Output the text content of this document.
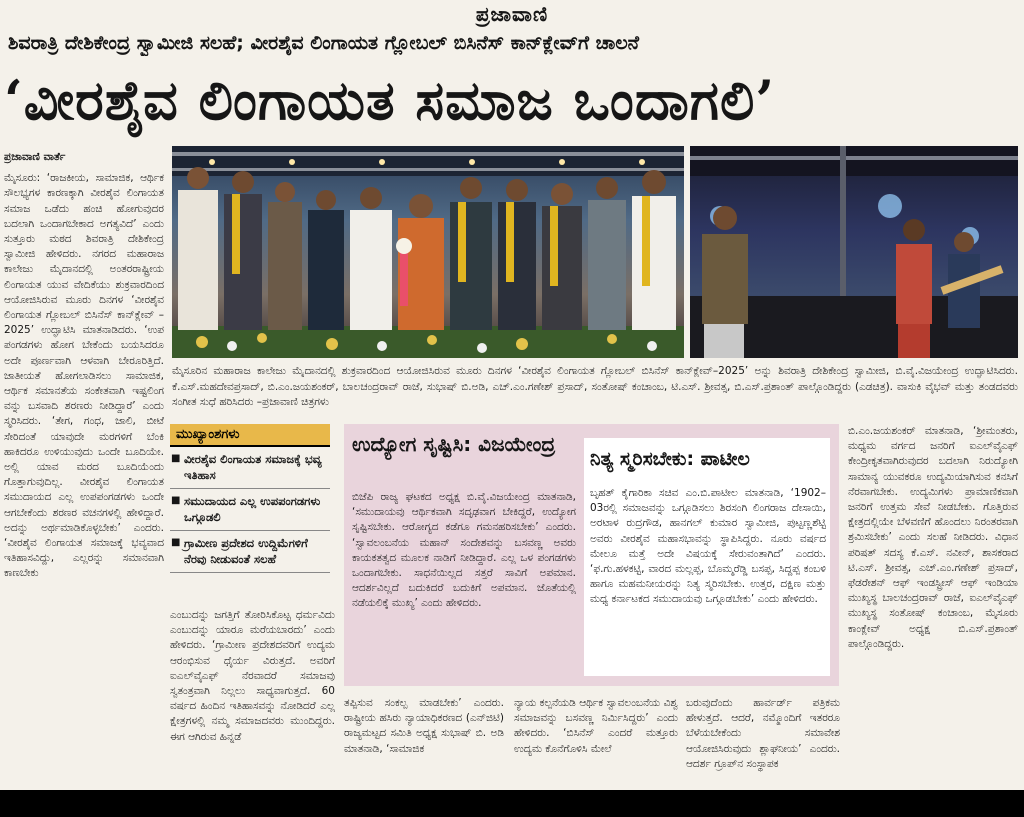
ಪ್ರಜಾವಾಣಿ
ಶಿವರಾತ್ರಿ ದೇಶಿಕೇಂದ್ರ ಸ್ವಾಮೀಜಿ ಸಲಹೆ; ವೀರಶೈವ ಲಿಂಗಾಯತ ಗ್ಲೋಬಲ್ ಬಿಸಿನೆಸ್ ಕಾನ್‌ಕ್ಲೇವ್‌ಗೆ ಚಾಲನೆ
‘ವೀರಶೈವ ಲಿಂಗಾಯತ ಸಮಾಜ ಒಂದಾಗಲಿ’
ಪ್ರಜಾವಾಣಿ ವಾರ್ತೆ
ಮೈಸೂರು: ‘ರಾಜಕೀಯ, ಸಾಮಾಜಿಕ, ಆರ್ಥಿಕ ಸೌಲಭ್ಯಗಳ ಕಾರಣಕ್ಕಾಗಿ ವೀರಶೈವ ಲಿಂಗಾಯತ ಸಮಾಜ ಒಡೆದು ಹಂಚಿ ಹೋಗುವುದರ ಬದಲಾಗಿ ಒಂದಾಗಬೇಕಾದ ಅಗತ್ಯವಿದೆ’ ಎಂದು ಸುತ್ತೂರು ಮಠದ ಶಿವರಾತ್ರಿ ದೇಶಿಕೇಂದ್ರ ಸ್ವಾಮೀಜಿ ಹೇಳಿದರು. ನಗರದ ಮಹಾರಾಜ ಕಾಲೇಜು ಮೈದಾನದಲ್ಲಿ ಅಂತರರಾಷ್ಟ್ರೀಯ ಲಿಂಗಾಯತ ಯುವ ವೇದಿಕೆಯು ಶುಕ್ರವಾರದಿಂದ ಆಯೋಜಿಸಿರುವ ಮೂರು ದಿನಗಳ ‘ವೀರಶೈವ ಲಿಂಗಾಯತ ಗ್ಲೋಬಲ್ ಬಿಸಿನೆಸ್ ಕಾನ್‌ಕ್ಲೇವ್ – 2025’ ಉದ್ಘಾಟಿಸಿ ಮಾತನಾಡಿದರು. ‘ಉಪ ಪಂಗಡಗಳು ಹೋಗ ಬೇಕೆಂದು ಬಯಸಿದರೂ ಅದೇ ಪೂರ್ಣವಾಗಿ ಆಳವಾಗಿ ಬೇರೂರಿತ್ತಿದೆ. ಜಾತೀಯತೆ ಹೋಗಲಾಡಿಸಲು ಸಾಮಾಜಿಕ, ಆರ್ಥಿಕ ಸಮಾನತೆಯ ಸಂಕೇತವಾಗಿ ಇಷ್ಟಲಿಂಗ ವನ್ನು ಬಸವಾದಿ ಶರಣರು ನೀಡಿದ್ದಾರೆ’ ಎಂದು ಸ್ಮರಿಸಿದರು. ‘ತೇಗ, ಗಂಧ, ಜಾಲಿ, ಬೀಟೆ ಸೇರಿದಂತೆ ಯಾವುದೇ ಮರಗಳಿಗೆ ಬೆಂಕಿ ಹಾಕಿದರೂ ಉಳಿಯುವುದು ಒಂದೇ ಬೂದಿಯೇ. ಅಲ್ಲಿ ಯಾವ ಮರದ ಬೂದಿಯೆಂದು ಗೊತ್ತಾಗುವುದಿಲ್ಲ. ವೀರಶೈವ ಲಿಂಗಾಯತ ಸಮುದಾಯದ ಎಲ್ಲ ಉಪಪಂಗಡಗಳು ಒಂದೇ ಆಗಬೇಕೆಂದು ಶರಣರ ವಚನಗಳಲ್ಲಿ ಹೇಳಿದ್ದಾರೆ. ಅದನ್ನು ಅರ್ಥಮಾಡಿಕೊಳ್ಳಬೇಕು’ ಎಂದರು. ‘ವೀರಶೈವ ಲಿಂಗಾಯತ ಸಮಾಜಕ್ಕೆ ಭವ್ಯವಾದ ಇತಿಹಾಸವಿದ್ದು, ಎಲ್ಲರನ್ನು ಸಮಾನವಾಗಿ ಕಾಣಬೇಕು
ಮೈಸೂರಿನ ಮಹಾರಾಜ ಕಾಲೇಜು ಮೈದಾನದಲ್ಲಿ ಶುಕ್ರವಾರದಿಂದ ಆಯೋಜಿಸಿರುವ ಮೂರು ದಿನಗಳ ‘ವೀರಶೈವ ಲಿಂಗಾಯತ ಗ್ಲೋಬಲ್ ಬಿಸಿನೆಸ್ ಕಾನ್‌ಕ್ಲೇವ್–2025’ ಅನ್ನು ಶಿವರಾತ್ರಿ ದೇಶಿಕೇಂದ್ರ ಸ್ವಾಮೀಜಿ, ಬಿ.ವೈ.ವಿಜಯೇಂದ್ರ ಉದ್ಘಾಟಿಸಿದರು. ಕೆ.ಎಸ್.ಮಹದೇವಪ್ರಸಾದ್, ಬಿ.ಎಂ.ಜಯಶಂಕರ್, ಬಾಲಚಂದ್ರರಾವ್ ರಾಜೆ, ಸುಭಾಷ್ ಬಿ.ಅಡಿ, ಎಚ್.ಎಂ.ಗಣೇಶ್ ಪ್ರಸಾದ್, ಸಂತೋಷ್ ಕಂಚಾಂಬ, ಟಿ.ಎಸ್. ಶ್ರೀವತ್ಸ, ಬಿ.ಎಸ್.ಪ್ರಶಾಂತ್ ಪಾಲ್ಗೊಂಡಿದ್ದರು (ಎಡಚಿತ್ರ). ವಾಸುಕಿ ವೈಭವ್ ಮತ್ತು ತಂಡದವರು ಸಂಗೀತ ಸುಧೆ ಹರಿಸಿದರು –ಪ್ರಜಾವಾಣಿ ಚಿತ್ರಗಳು
ಮುಖ್ಯಾಂಶಗಳು
■ ವೀರಶೈವ ಲಿಂಗಾಯತ ಸಮಾಜಕ್ಕೆ ಭವ್ಯ ಇತಿಹಾಸ
■ ಸಮುದಾಯದ ಎಲ್ಲ ಉಪಪಂಗಡಗಳು ಒಗ್ಗೂಡಲಿ
■ ಗ್ರಾಮೀಣ ಪ್ರದೇಶದ ಉದ್ದಿಮೆಗಳಿಗೆ ನೆರವು ನೀಡುವಂತೆ ಸಲಹೆ
ಎಂಬುದನ್ನು ಜಗತ್ತಿಗೆ ತೋರಿಸಿಕೊಟ್ಟ ಧರ್ಮವಿದು ಎಂಬುದನ್ನು ಯಾರೂ ಮರೆಯಬಾರದು’ ಎಂದು ಹೇಳಿದರು. ‘ಗ್ರಾಮೀಣ ಪ್ರದೇಶದವರಿಗೆ ಉದ್ಯಮ ಆರಂಭಿಸುವ ಧೈರ್ಯ ವಿರುತ್ತದೆ. ಅವರಿಗೆ ಐಎಲ್‌ವೈಎಫ್ ನೆರವಾದರೆ ಸಮಾಜವು ಸ್ವತಂತ್ರವಾಗಿ ನಿಲ್ಲಲು ಸಾಧ್ಯವಾಗುತ್ತದೆ. 60 ವರ್ಷದ ಹಿಂದಿನ ಇತಿಹಾಸವನ್ನು ನೋಡಿದರೆ ಎಲ್ಲ ಕ್ಷೇತ್ರಗಳಲ್ಲಿ ನಮ್ಮ ಸಮಾಜದವರು ಮುಂದಿದ್ದರು. ಈಗ ಆಗಿರುವ ಹಿನ್ನಡೆ
ಉದ್ಯೋಗ ಸೃಷ್ಟಿಸಿ: ವಿಜಯೇಂದ್ರ
ಬಿಜೆಪಿ ರಾಜ್ಯ ಘಟಕದ ಅಧ್ಯಕ್ಷ ಬಿ.ವೈ.ವಿಜಯೇಂದ್ರ ಮಾತನಾಡಿ, ‘ಸಮುದಾಯವು ಆರ್ಥಿಕವಾಗಿ ಸದೃಢವಾಗ ಬೇಕಿದ್ದರೆ, ಉದ್ಯೋಗ ಸೃಷ್ಟಿಸಬೇಕು. ಆರೋಗ್ಯದ ಕಡೆಗೂ ಗಮನಹರಿಸಬೇಕು’ ಎಂದರು. ‘ಸ್ವಾವಲಂಬನೆಯ ಮಹಾನ್ ಸಂದೇಶವನ್ನು ಬಸವಣ್ಣ ಅವರು ಕಾಯಕತತ್ವದ ಮೂಲಕ ನಾಡಿಗೆ ನೀಡಿದ್ದಾರೆ. ಎಲ್ಲ ಒಳ ಪಂಗಡಗಳು ಒಂದಾಗಬೇಕು. ಸಾಧನೆಯಿಲ್ಲದ ಸತ್ತರೆ ಸಾವಿಗೆ ಅಪಮಾನ. ಆದರ್ಶವಿಲ್ಲದೆ ಬದುಕಿದರೆ ಬದುಕಿಗೆ ಅಪಮಾನ. ಜೊತೆಯಲ್ಲಿ ನಡೆಯಲಿಕ್ಕೆ ಮುಖ್ಯ’ ಎಂದು ಹೇಳಿದರು.
ನಿತ್ಯ ಸ್ಮರಿಸಬೇಕು: ಪಾಟೀಲ
ಬೃಹತ್ ಕೈಗಾರಿಕಾ ಸಚಿವ ಎಂ.ಬಿ.ಪಾಟೀಲ ಮಾತನಾಡಿ, ‘1902–03ರಲ್ಲಿ ಸಮಾಜವನ್ನು ಒಗ್ಗೂಡಿಸಲು ಶಿರಸಂಗಿ ಲಿಂಗರಾಜ ದೇಸಾಯಿ, ಅರಟಾಳ ರುದ್ರಗೌಡ, ಹಾನಗಲ್ ಕುಮಾರ ಸ್ವಾಮೀಜಿ, ಪುಟ್ಟಣ್ಣಶೆಟ್ಟಿ ಅವರು ವೀರಶೈವ ಮಹಾಸಭಾವನ್ನು ಸ್ಥಾಪಿಸಿದ್ದರು. ನೂರು ವರ್ಷದ ಮೇಲೂ ಮತ್ತೆ ಅದೇ ವಿಷಯಕ್ಕೆ ಸೇರುವಂತಾಗಿದೆ’ ಎಂದರು. ‘ಫ.ಗು.ಹಳಕಟ್ಟಿ, ವಾರದ ಮಲ್ಲಪ್ಪ, ಬೊಮ್ಮರೆಡ್ಡಿ ಬಸಪ್ಪ, ಸಿದ್ದಪ್ಪ ಕಂಬಳಿ ಹಾಗೂ ಮಹಮನೀಯರನ್ನು ನಿತ್ಯ ಸ್ಮರಿಸಬೇಕು. ಉತ್ತರ, ದಕ್ಷಿಣ ಮತ್ತು ಮಧ್ಯ ಕರ್ನಾಟಕದ ಸಮುದಾಯವು ಒಗ್ಗೂಡಬೇಕು’ ಎಂದು ಹೇಳಿದರು.
ತಪ್ಪಿಸುವ ಸಂಕಲ್ಪ ಮಾಡಬೇಕು’ ಎಂದರು. ರಾಷ್ಟ್ರೀಯ ಹಸಿರು ನ್ಯಾಯಾಧಿಕರಣದ (ಎನ್‌ಜಿಟಿ) ರಾಜ್ಯಮಟ್ಟದ ಸಮಿತಿ ಅಧ್ಯಕ್ಷ ಸುಭಾಷ್ ಬಿ. ಅಡಿ ಮಾತನಾಡಿ, ‘ಸಾಮಾಜಿಕ
ನ್ಯಾಯ ಕಲ್ಪನೆಯಡಿ ಆರ್ಥಿಕ ಸ್ವಾವಲಂಬನೆಯ ವಿಶ್ವ ಸಮಾಜವನ್ನು ಬಸವಣ್ಣ ನಿರ್ಮಿಸಿದ್ದರು’ ಎಂದು ಹೇಳಿದರು. ‘ಬಿಸಿನೆಸ್ ಎಂದರೆ ಮತ್ತೂರು ಉದ್ಯಮ ಕೊನೆಗೊಳಿಸಿ ಮೇಲೆ
ಬರುವುದೆಂದು ಹಾರ್ವರ್ಡ್ ಪತ್ರಿಕಮ ಹೇಳುತ್ತದೆ. ಆದರೆ, ನಮ್ಮೊಂದಿಗೆ ಇತರರೂ ಬೆಳೆಯಬೇಕೆಂದು ಸಮಾವೇಶ ಆಯೋಜಿಸಿರುವುದು ಶ್ಲಾಘನೀಯ’ ಎಂದರು. ಆದರ್ಶ ಗ್ರೂಪ್‌ನ ಸಂಸ್ಥಾಪಕ
ಬಿ.ಎಂ.ಜಯಶಂಕರ್ ಮಾತನಾಡಿ, ‘ಶ್ರೀಮಂತರು, ಮಧ್ಯಮ ವರ್ಗದ ಜನರಿಗೆ ಐಎಲ್‌ವೈಎಫ್ ಕೇಂದ್ರೀಕೃತವಾಗಿರುವುದರ ಬದಲಾಗಿ ನಿರುದ್ಯೋಗಿ ಸಾಮಾನ್ಯ ಯುವಕರೂ ಉದ್ಯಮಿಯಾಗಿಸುವ ಕನಸಿಗೆ ನೆರವಾಗಬೇಕು. ಉದ್ಯಮಿಗಳು ಪ್ರಾಮಾಣಿಕವಾಗಿ ಜನರಿಗೆ ಉತ್ತಮ ಸೇವೆ ನೀಡಬೇಕು. ಗೊತ್ತಿರುವ ಕ್ಷೇತ್ರದಲ್ಲಿಯೇ ಬೆಳವಣಿಗೆ ಹೊಂದಲು ನಿರಂತರವಾಗಿ ಶ್ರಮಿಸಬೇಕು’ ಎಂದು ಸಲಹೆ ನೀಡಿದರು. ವಿಧಾನ ಪರಿಷತ್ ಸದಸ್ಯ ಕೆ.ಎಸ್. ನವೀನ್, ಶಾಸಕರಾದ ಟಿ.ಎಸ್. ಶ್ರೀವತ್ಸ, ಎಚ್.ಎಂ.ಗಣೇಶ್ ಪ್ರಸಾದ್, ಫೆಡರೇಶನ್ ಆಫ್ ಇಂಡಸ್ಟ್ರೀಸ್ ಆಫ್ ಇಂಡಿಯಾ ಮುಖ್ಯಸ್ಥ ಬಾಲಚಂದ್ರರಾವ್ ರಾಜೆ, ಐಎಲ್‌ವೈಎಫ್ ಮುಖ್ಯಸ್ಥ ಸಂತೋಷ್ ಕಂಚಾಂಬ, ಮೈಸೂರು ಕಾಂಕ್ಲೇವ್ ಅಧ್ಯಕ್ಷ ಬಿ.ಎಸ್.ಪ್ರಶಾಂತ್ ಪಾಲ್ಗೊಂಡಿದ್ದರು.
